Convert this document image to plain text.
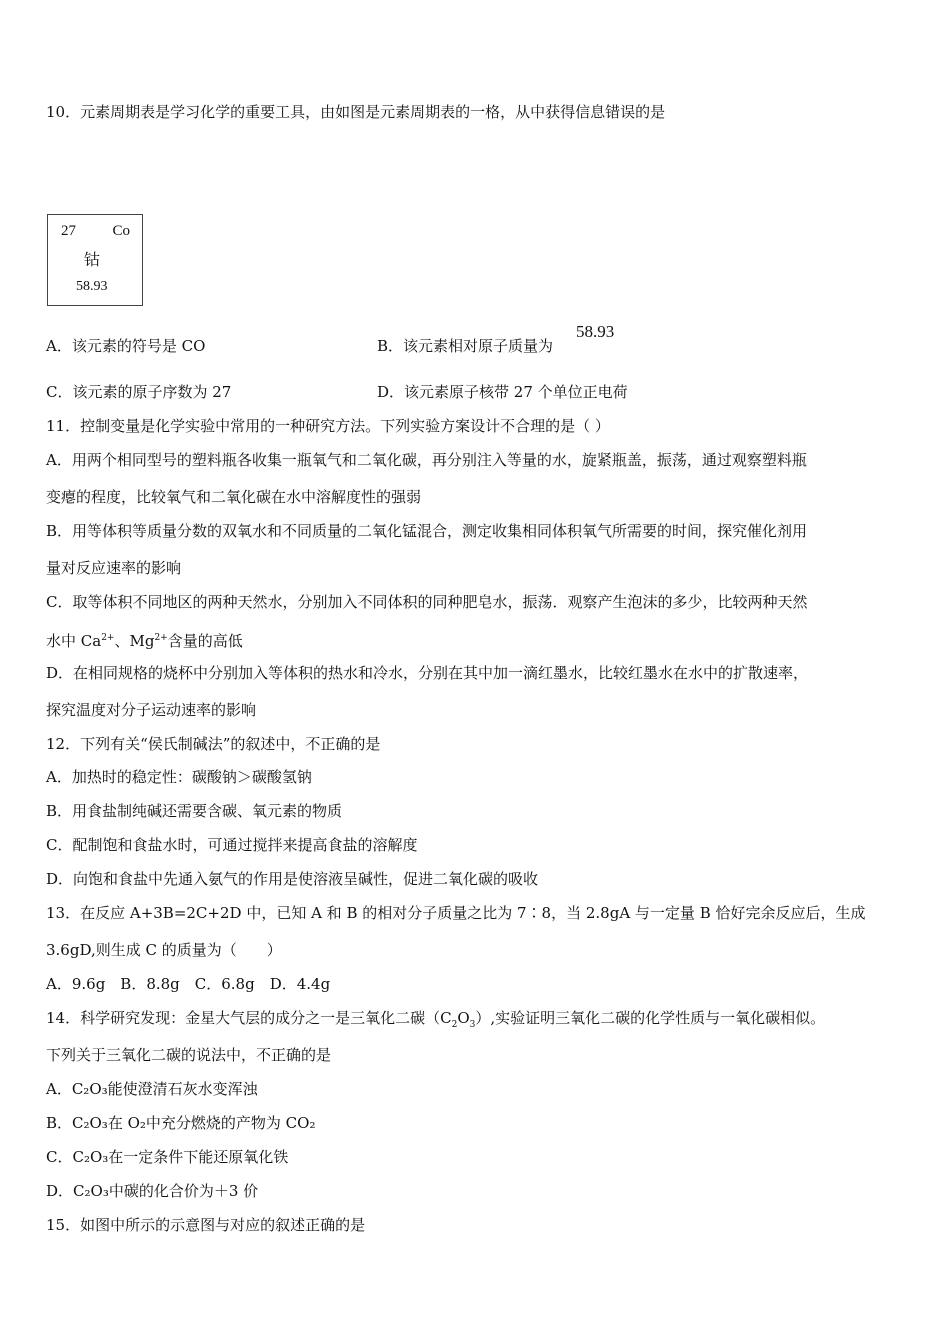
10．元素周期表是学习化学的重要工具，由如图是元素周期表的一格，从中获得信息错误的是
27 Co
钴
58.93
A．该元素的符号是 CO	B．该元素相对原子质量为
58.93
C．该元素的原子序数为 27	D．该元素原子核带 27 个单位正电荷
11．控制变量是化学实验中常用的一种研究方法。下列实验方案设计不合理的是（ ）
A．用两个相同型号的塑料瓶各收集一瓶氧气和二氧化碳，再分别注入等量的水，旋紧瓶盖，振荡，通过观察塑料瓶
变瘪的程度，比较氧气和二氧化碳在水中溶解度性的强弱
B．用等体积等质量分数的双氧水和不同质量的二氧化锰混合，测定收集相同体积氧气所需要的时间，探究催化剂用
量对反应速率的影响
C．取等体积不同地区的两种天然水，分别加入不同体积的同种肥皂水，振荡．观察产生泡沫的多少，比较两种天然
水中 $Ca^{2+}$、$Mg^{2+}$含量的高低
D．在相同规格的烧杯中分别加入等体积的热水和冷水，分别在其中加一滴红墨水，比较红墨水在水中的扩散速率，
探究温度对分子运动速率的影响
12．下列有关“侯氏制碱法”的叙述中，不正确的是
A．加热时的稳定性：碳酸钠＞碳酸氢钠
B．用食盐制纯碱还需要含碳、氧元素的物质
C．配制饱和食盐水时，可通过搅拌来提高食盐的溶解度
D．向饱和食盐中先通入氨气的作用是使溶液呈碱性，促进二氧化碳的吸收
13．在反应 A+3B=2C+2D 中，已知 A 和 B 的相对分子质量之比为 7∶8，当 2.8gA 与一定量 B 恰好完余反应后，生成
3.6gD,则生成 C 的质量为（　　）
A．9.6g　B．8.8g　C．6.8g　D．4.4g
14．科学研究发现：金星大气层的成分之一是三氧化二碳$(C_2O_3)$,实验证明三氧化二碳的化学性质与一氧化碳相似。
下列关于三氧化二碳的说法中，不正确的是
A．C₂O₃能使澄清石灰水变浑浊
B．C₂O₃在 O₂中充分燃烧的产物为 CO₂
C．C₂O₃在一定条件下能还原氧化铁
D．C₂O₃中碳的化合价为＋3 价
15．如图中所示的示意图与对应的叙述正确的是
